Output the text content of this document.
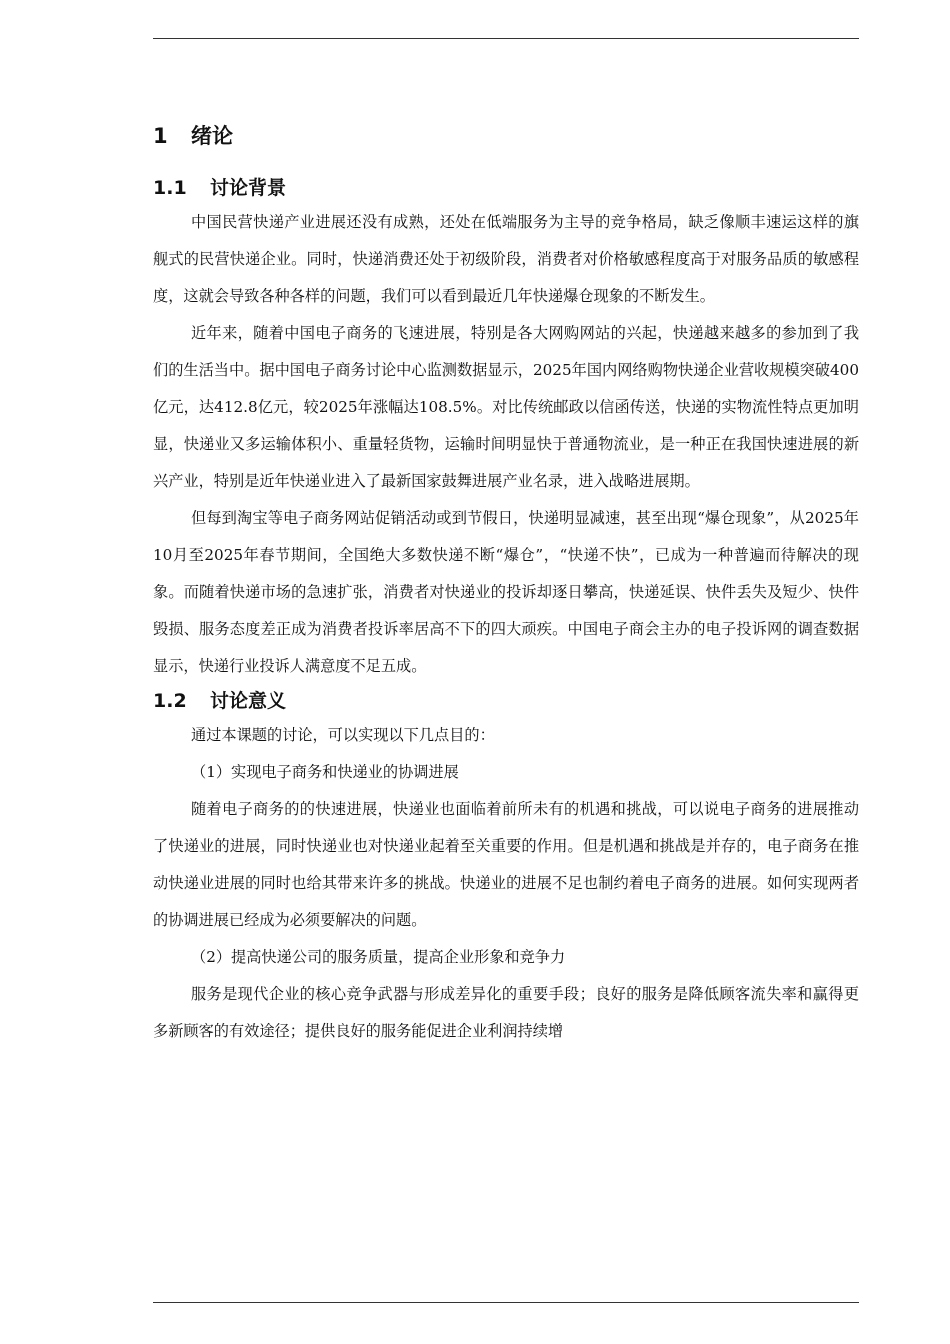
1 绪论
1.1 讨论背景

中国民营快递产业进展还没有成熟，还处在低端服务为主导的竞争格局，缺乏像顺丰速运这样的旗舰式的民营快递企业。同时，快递消费还处于初级阶段，消费者对价格敏感程度高于对服务品质的敏感程度，这就会导致各种各样的问题，我们可以看到最近几年快递爆仓现象的不断发生。

近年来，随着中国电子商务的飞速进展，特别是各大网购网站的兴起，快递越来越多的参加到了我们的生活当中。据中国电子商务讨论中心监测数据显示，2025年国内网络购物快递企业营收规模突破400亿元，达412.8亿元，较2025年涨幅达108.5%。对比传统邮政以信函传送，快递的实物流性特点更加明显，快递业又多运输体积小、重量轻货物，运输时间明显快于普通物流业，是一种正在我国快速进展的新兴产业，特别是近年快递业进入了最新国家鼓舞进展产业名录，进入战略进展期。

但每到淘宝等电子商务网站促销活动或到节假日，快递明显减速，甚至出现“爆仓现象”，从2025年10月至2025年春节期间，全国绝大多数快递不断“爆仓”，“快递不快”，已成为一种普遍而待解决的现象。而随着快递市场的急速扩张，消费者对快递业的投诉却逐日攀高，快递延误、快件丢失及短少、快件毁损、服务态度差正成为消费者投诉率居高不下的四大顽疾。中国电子商会主办的电子投诉网的调查数据显示，快递行业投诉人满意度不足五成。

1.2 讨论意义

通过本课题的讨论，可以实现以下几点目的：

（1）实现电子商务和快递业的协调进展

随着电子商务的的快速进展，快递业也面临着前所未有的机遇和挑战，可以说电子商务的进展推动了快递业的进展，同时快递业也对快递业起着至关重要的作用。但是机遇和挑战是并存的，电子商务在推动快递业进展的同时也给其带来许多的挑战。快递业的进展不足也制约着电子商务的进展。如何实现两者的协调进展已经成为必须要解决的问题。

（2）提高快递公司的服务质量，提高企业形象和竞争力

服务是现代企业的核心竞争武器与形成差异化的重要手段；良好的服务是降低顾客流失率和赢得更多新顾客的有效途径；提供良好的服务能促进企业利润持续增
